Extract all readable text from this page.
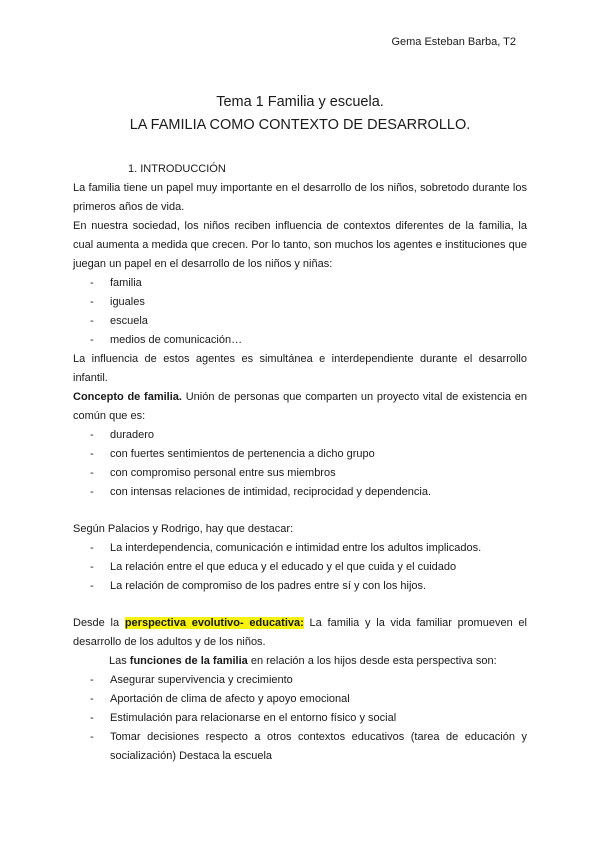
Gema Esteban Barba, T2
Tema 1 Familia y escuela.
LA FAMILIA COMO CONTEXTO DE DESARROLLO.

1. INTRODUCCIÓN

La familia tiene un papel muy importante en el desarrollo de los niños, sobretodo durante los primeros años de vida.

En nuestra sociedad, los niños reciben influencia de contextos diferentes de la familia, la cual aumenta a medida que crecen. Por lo tanto, son muchos los agentes e instituciones que juegan un papel en el desarrollo de los niños y niñas:

- familia
- iguales
- escuela
- medios de comunicación…

La influencia de estos agentes es simultánea e interdependiente durante el desarrollo infantil.

Concepto de familia. Unión de personas que comparten un proyecto vital de existencia en común que es:

- duradero
- con fuertes sentimientos de pertenencia a dicho grupo
- con compromiso personal entre sus miembros
- con intensas relaciones de intimidad, reciprocidad y dependencia.

Según Palacios y Rodrigo, hay que destacar:

- La interdependencia, comunicación e intimidad entre los adultos implicados.
- La relación entre el que educa y el educado y el que cuida y el cuidado
- La relación de compromiso de los padres entre sí y con los hijos.

Desde la perspectiva evolutivo- educativa: La familia y la vida familiar promueven el desarrollo de los adultos y de los niños.

Las funciones de la familia en relación a los hijos desde esta perspectiva son:

- Asegurar supervivencia y crecimiento
- Aportación de clima de afecto y apoyo emocional
- Estimulación para relacionarse en el entorno físico y social
- Tomar decisiones respecto a otros contextos educativos (tarea de educación y socialización) Destaca la escuela
